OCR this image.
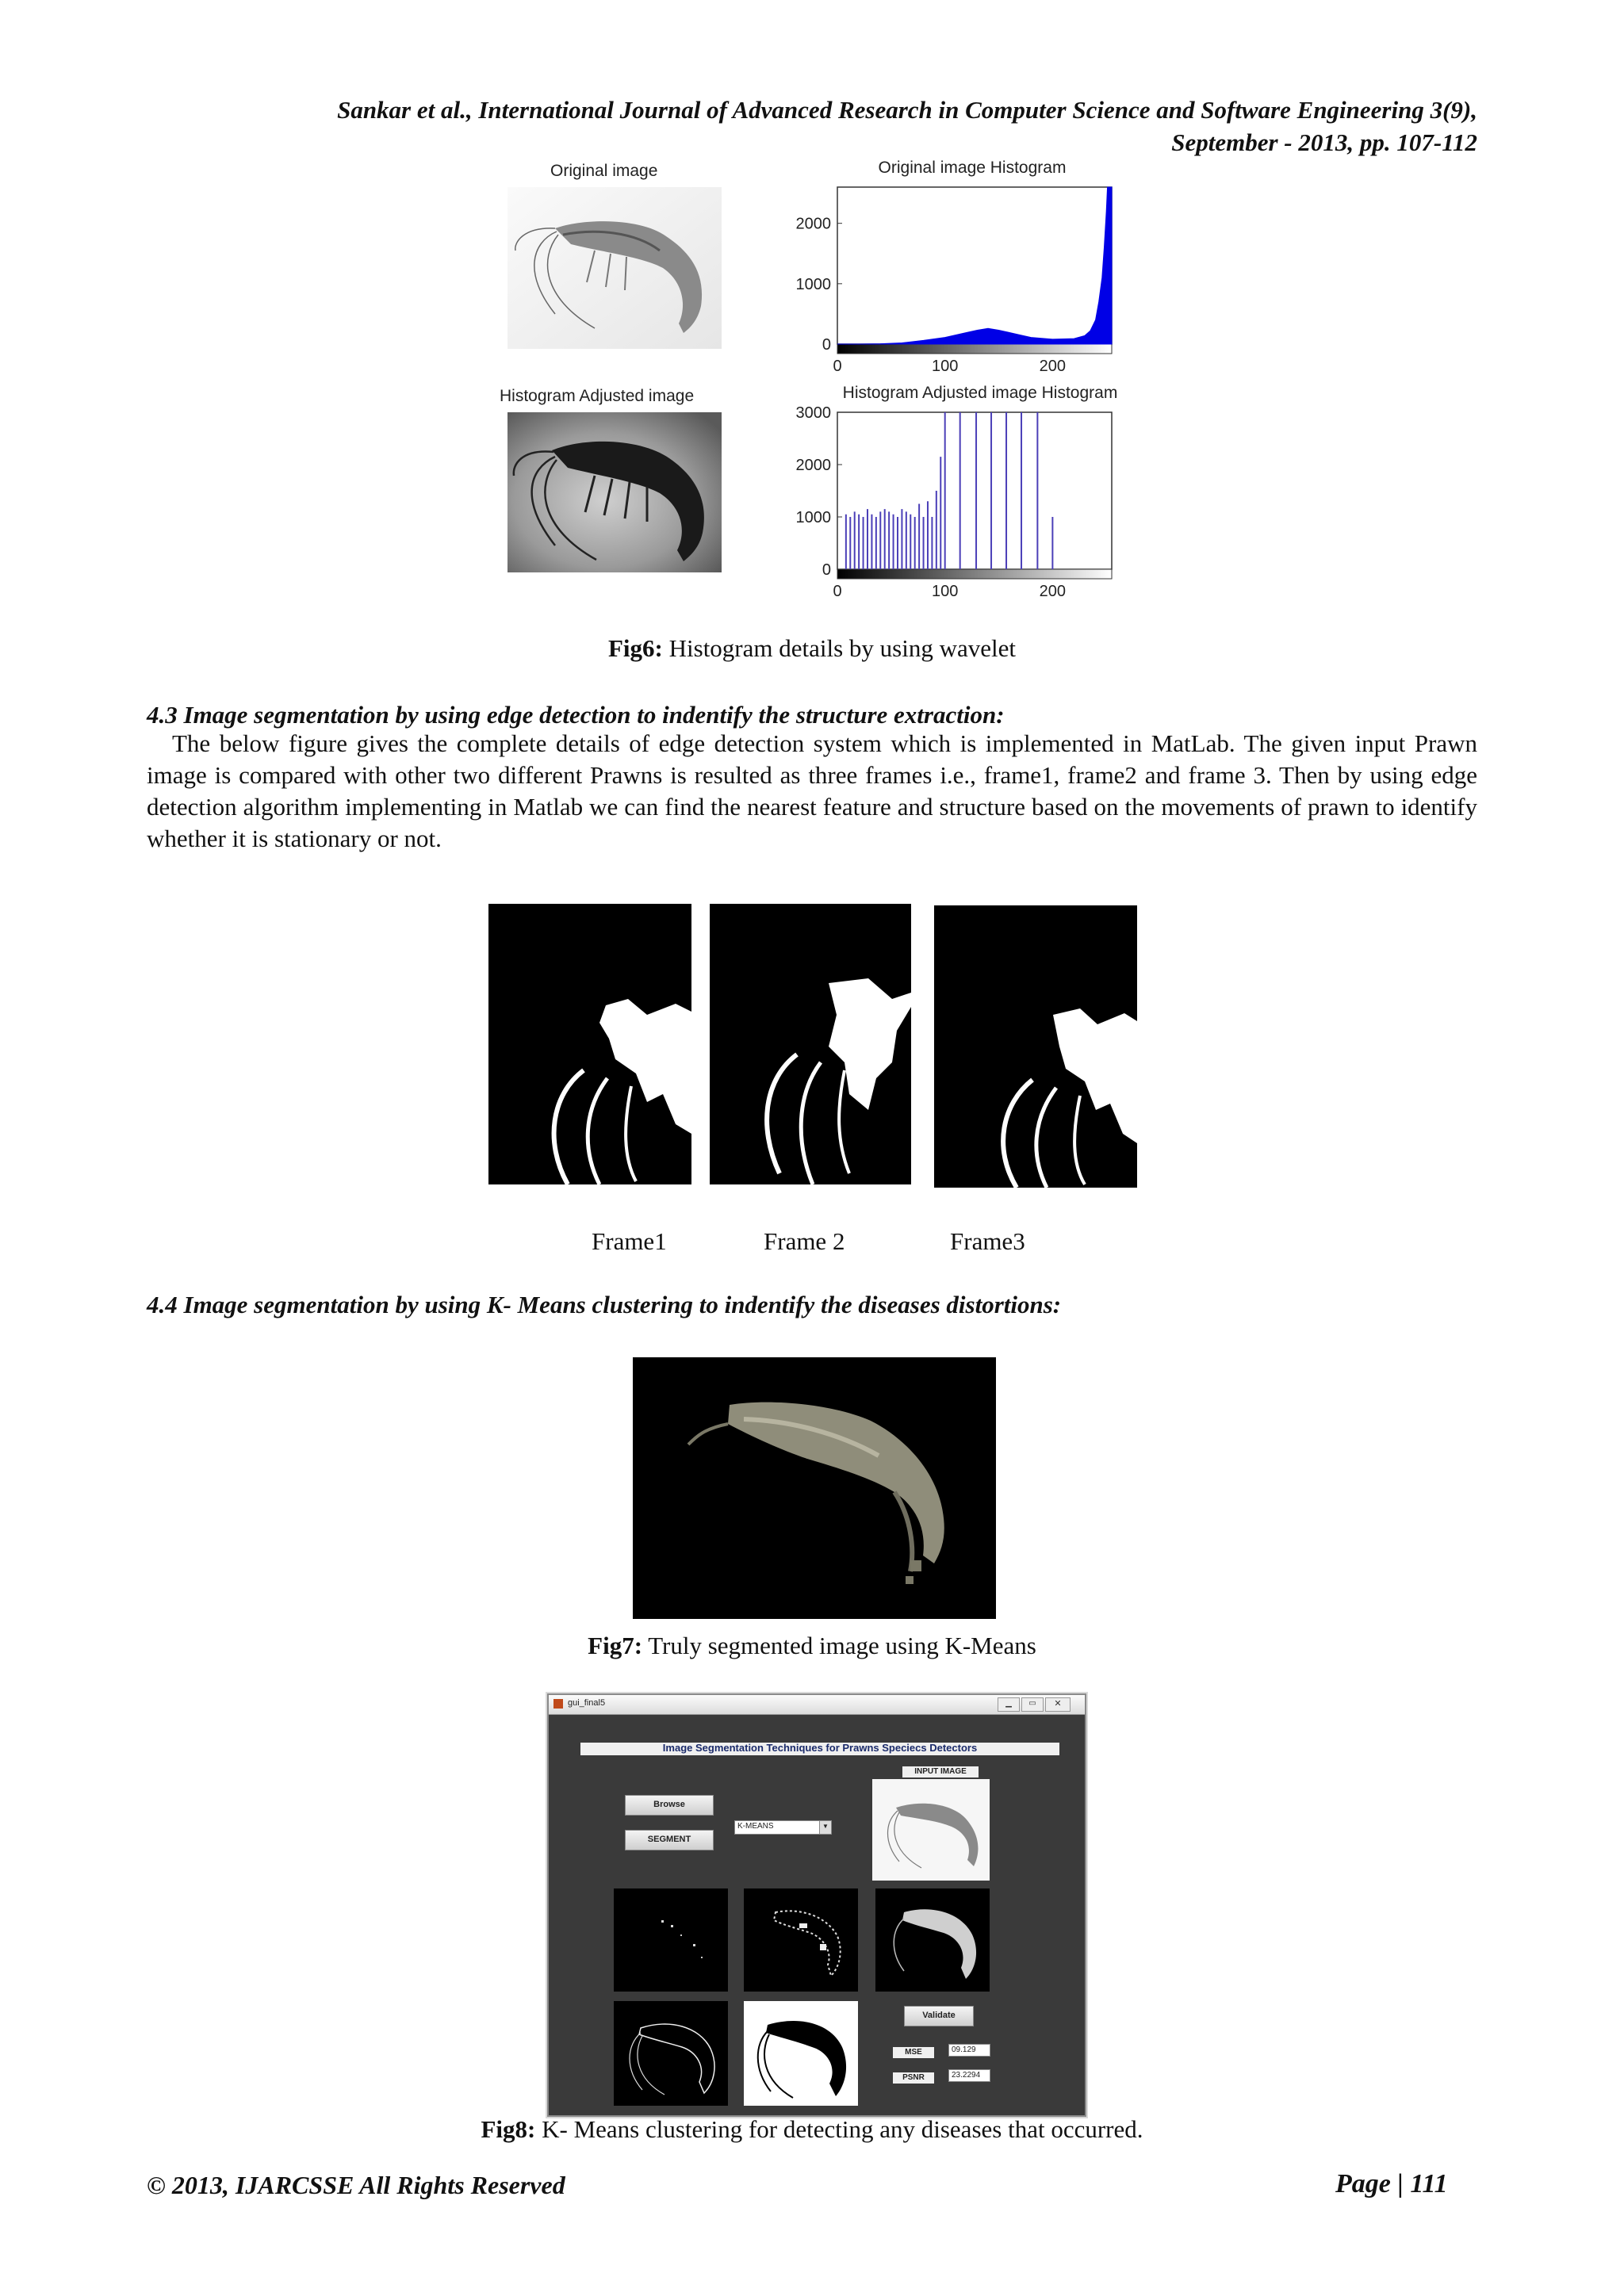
Sankar et al., International Journal of Advanced Research in Computer Science and Software Engineering 3(9),
September - 2013, pp. 107-112
Original image	Original image Histogram
0
1000
2000
0	100	200
Histogram Adjusted image	Histogram Adjusted image Histogram
0
1000
2000
3000
0	100	200
Fig6: Histogram details by using wavelet
4.3 Image segmentation by using edge detection to indentify the structure extraction:
The below figure gives the complete details of edge detection system which is implemented in MatLab. The given input Prawn image is compared with other two different Prawns is resulted as three frames i.e., frame1, frame2 and frame 3. Then by using edge detection algorithm implementing in Matlab we can find the nearest feature and structure based on the movements of prawn to identify whether it is stationary or not.
Frame1	Frame 2	Frame3
4.4 Image segmentation by using K- Means clustering to indentify the diseases distortions:
Fig7: Truly segmented image using K-Means
gui_final5	▁	▭	✕
Image Segmentation Techniques for Prawns Speciecs Detectors
INPUT IMAGE
Browse
SEGMENT
K-MEANS	▼
Validate
MSE	09.129
PSNR	23.2294
Fig8: K- Means clustering for detecting any diseases that occurred.
© 2013, IJARCSSE All Rights Reserved	Page | 111
